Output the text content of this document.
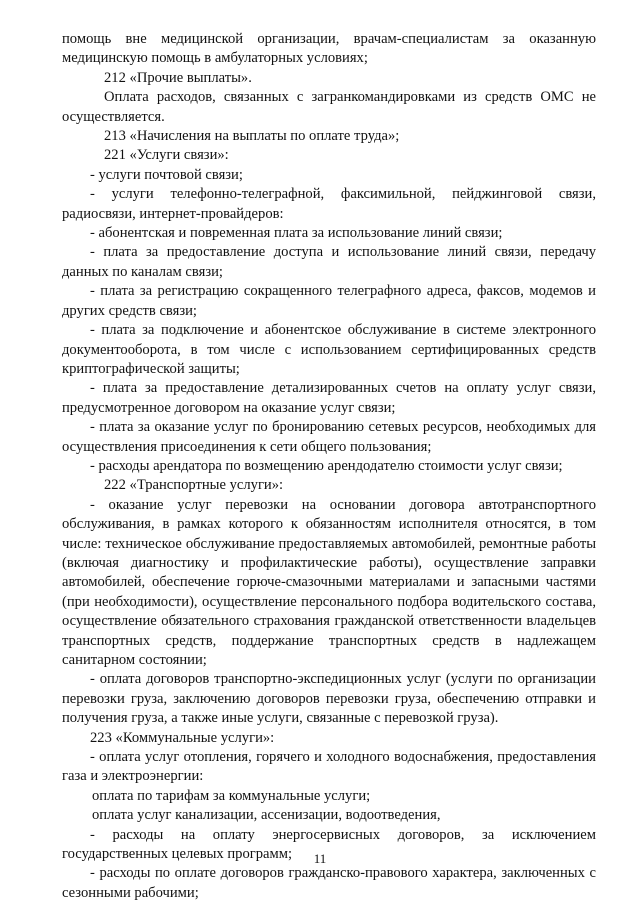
помощь вне медицинской организации, врачам-специалистам за оказанную медицинскую помощь в амбулаторных условиях;

212 «Прочие выплаты».

Оплата расходов, связанных с загранкомандировками из средств ОМС не осуществляется.

213 «Начисления на выплаты по оплате труда»;

221 «Услуги связи»:

- услуги почтовой связи;

- услуги телефонно-телеграфной, факсимильной, пейджинговой связи, радиосвязи, интернет-провайдеров:

- абонентская и повременная плата за использование линий связи;

- плата за предоставление доступа и использование линий связи, передачу данных по каналам связи;

- плата за регистрацию сокращенного телеграфного адреса, факсов, модемов и других средств связи;

- плата за подключение и абонентское обслуживание в системе электронного документооборота, в том числе с использованием сертифицированных средств криптографической защиты;

- плата за предоставление детализированных счетов на оплату услуг связи, предусмотренное договором на оказание услуг связи;

- плата за оказание услуг по бронированию сетевых ресурсов, необходимых для осуществления присоединения к сети общего пользования;

- расходы арендатора по возмещению арендодателю стоимости услуг связи;

222 «Транспортные услуги»:

- оказание услуг перевозки на основании договора автотранспортного обслуживания, в рамках которого к обязанностям исполнителя относятся, в том числе: техническое обслуживание предоставляемых автомобилей, ремонтные работы (включая диагностику и профилактические работы), осуществление заправки автомобилей, обеспечение горюче-смазочными материалами и запасными частями (при необходимости), осуществление персонального подбора водительского состава, осуществление обязательного страхования гражданской ответственности владельцев транспортных средств, поддержание транспортных средств в надлежащем санитарном состоянии;

- оплата договоров транспортно-экспедиционных услуг (услуги по организации перевозки груза, заключению договоров перевозки груза, обеспечению отправки и получения груза, а также иные услуги, связанные с перевозкой груза).

223 «Коммунальные услуги»:

- оплата услуг отопления, горячего и холодного водоснабжения, предоставления газа и электроэнергии:

оплата по тарифам за коммунальные услуги;

оплата услуг канализации, ассенизации, водоотведения,

- расходы на оплату энергосервисных договоров, за исключением государственных целевых программ;

- расходы по оплате договоров гражданско-правового характера, заключенных с сезонными рабочими;

11
